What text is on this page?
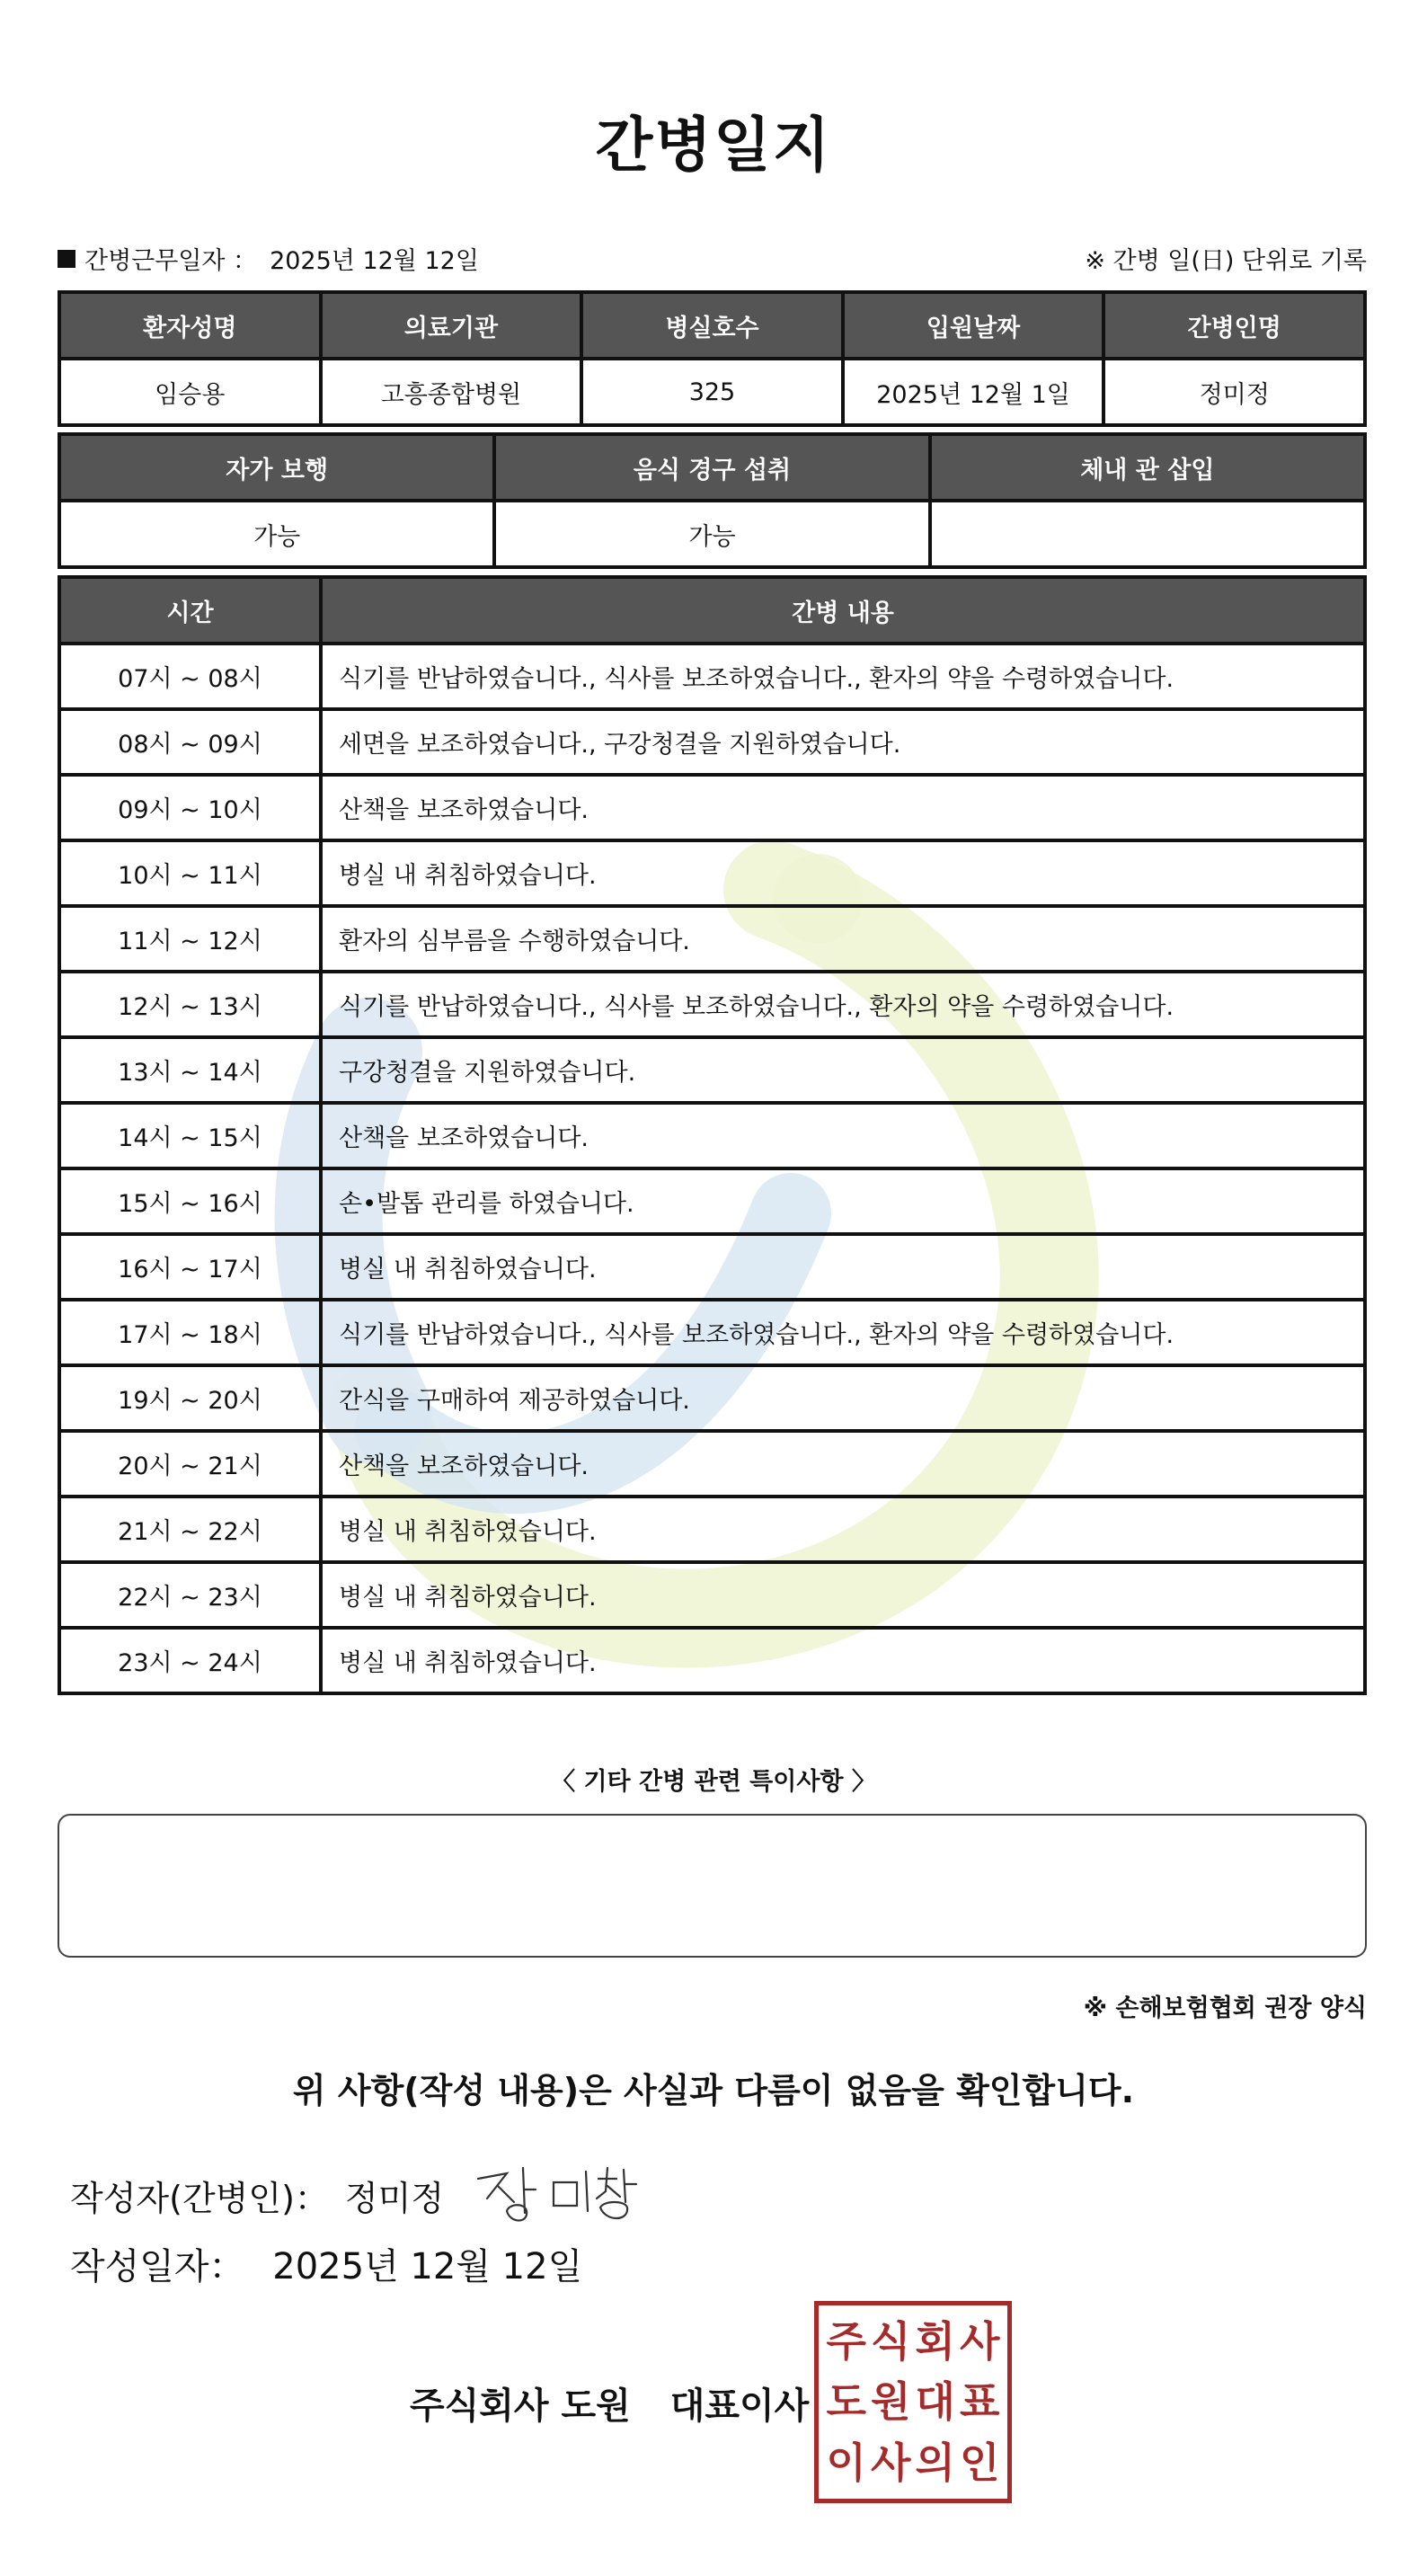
간병일지
간병근무일자 ： 2025년 12월 12일	※ 간병 일(日) 단위로 기록
환자성명	의료기관	병실호수	입원날짜	간병인명
임승용	고흥종합병원	325	2025년 12월 1일	정미정
자가 보행	음식 경구 섭취	체내 관 삽입
가능	가능	
시간	간병 내용
07시 ~ 08시	식기를 반납하였습니다., 식사를 보조하였습니다., 환자의 약을 수령하였습니다.
08시 ~ 09시	세면을 보조하였습니다., 구강청결을 지원하였습니다.
09시 ~ 10시	산책을 보조하였습니다.
10시 ~ 11시	병실 내 취침하였습니다.
11시 ~ 12시	환자의 심부름을 수행하였습니다.
12시 ~ 13시	식기를 반납하였습니다., 식사를 보조하였습니다., 환자의 약을 수령하였습니다.
13시 ~ 14시	구강청결을 지원하였습니다.
14시 ~ 15시	산책을 보조하였습니다.
15시 ~ 16시	손•발톱 관리를 하였습니다.
16시 ~ 17시	병실 내 취침하였습니다.
17시 ~ 18시	식기를 반납하였습니다., 식사를 보조하였습니다., 환자의 약을 수령하였습니다.
19시 ~ 20시	간식을 구매하여 제공하였습니다.
20시 ~ 21시	산책을 보조하였습니다.
21시 ~ 22시	병실 내 취침하였습니다.
22시 ~ 23시	병실 내 취침하였습니다.
23시 ~ 24시	병실 내 취침하였습니다.
〈 기타 간병 관련 특이사항 〉
※ 손해보험협회 권장 양식
위 사항(작성 내용)은 사실과 다름이 없음을 확인합니다.
작성자(간병인)： 정미정
작성일자： 2025년 12월 12일
주식회사 도원 대표이사
주 식 회 사
도 원 대 표
이 사 의 인
